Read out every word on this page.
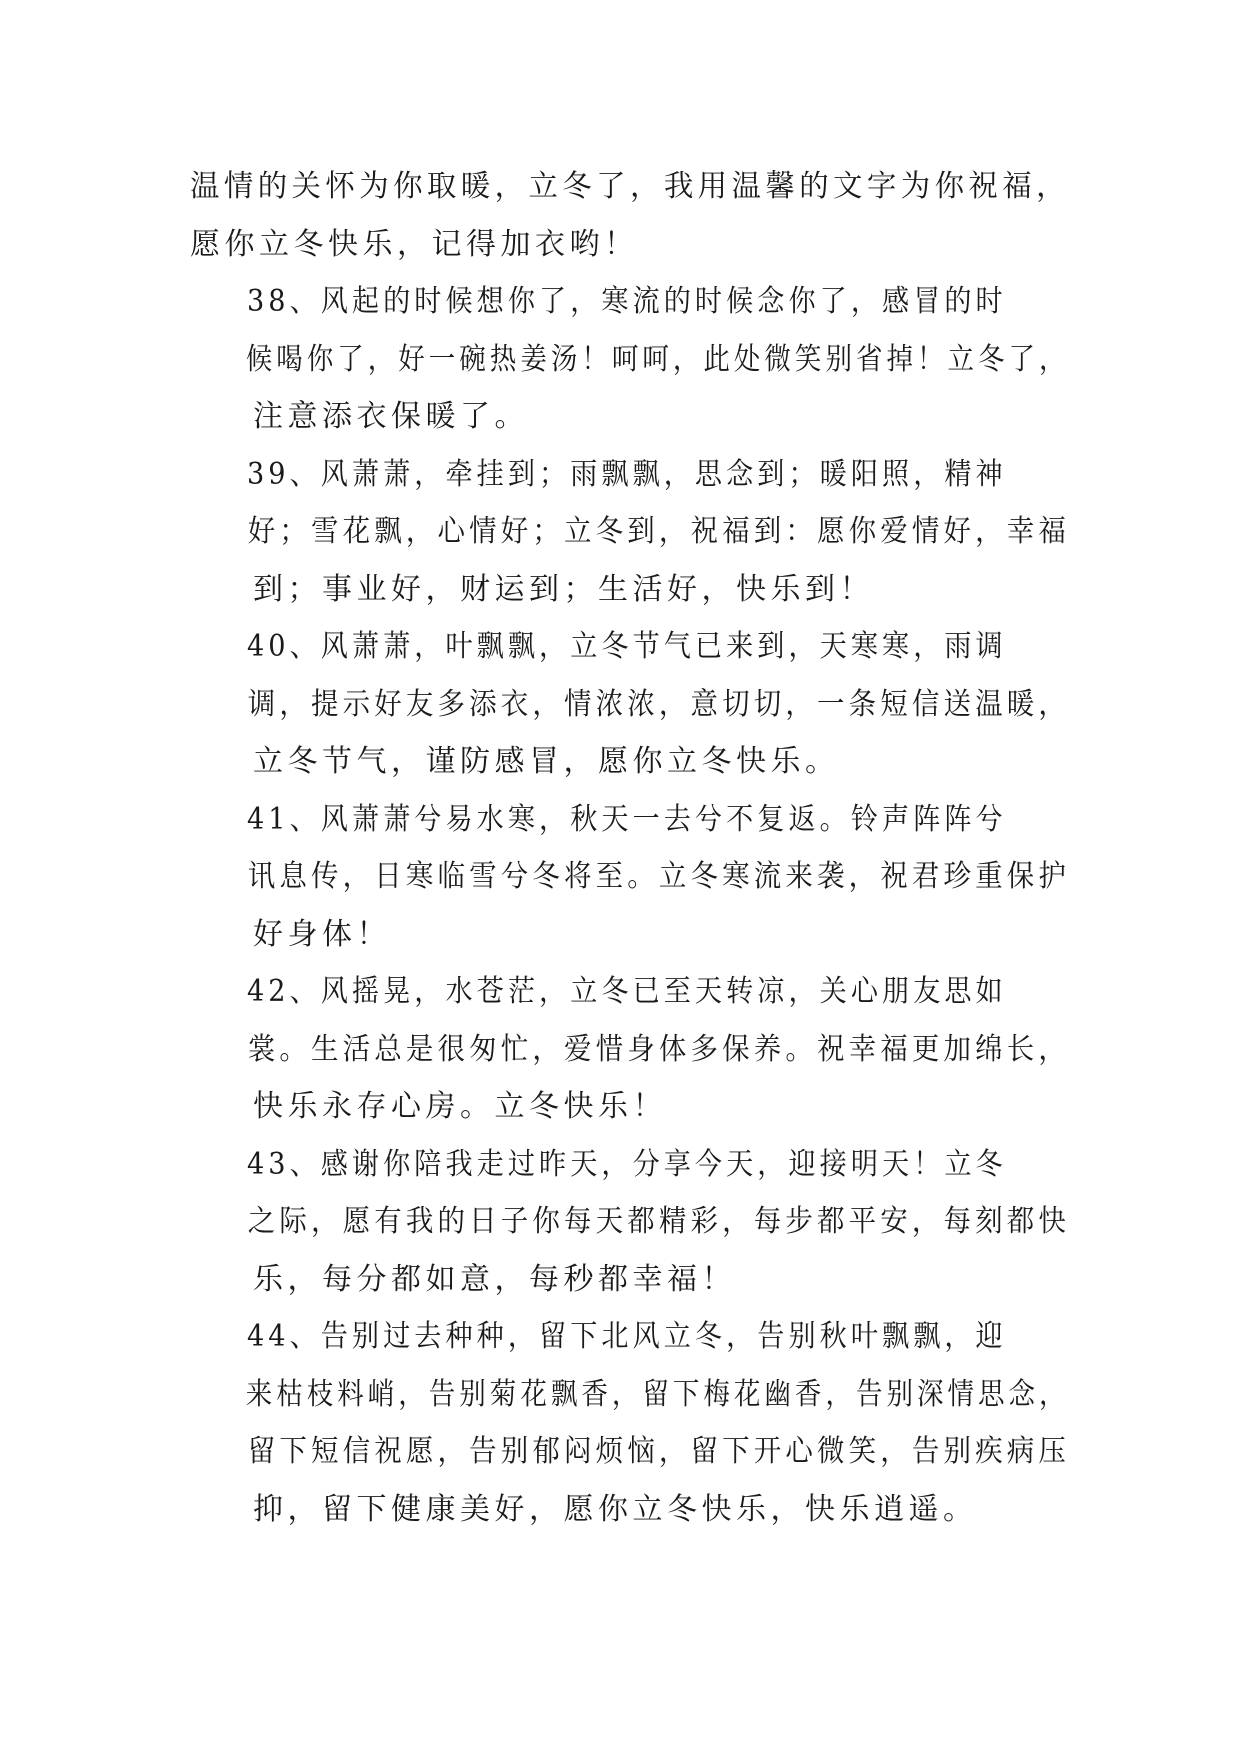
温情的关怀为你取暖，立冬了，我用温馨的文字为你祝福，
愿你立冬快乐，记得加衣哟！

38、风起的时候想你了，寒流的时候念你了，感冒的时
候喝你了，好一碗热姜汤！呵呵，此处微笑别省掉！立冬了，
注意添衣保暖了。

39、风萧萧，牵挂到；雨飘飘，思念到；暖阳照，精神
好；雪花飘，心情好；立冬到，祝福到：愿你爱情好，幸福
到；事业好，财运到；生活好，快乐到！

40、风萧萧，叶飘飘，立冬节气已来到，天寒寒，雨调
调，提示好友多添衣，情浓浓，意切切，一条短信送温暖，
立冬节气，谨防感冒，愿你立冬快乐。

41、风萧萧兮易水寒，秋天一去兮不复返。铃声阵阵兮
讯息传，日寒临雪兮冬将至。立冬寒流来袭，祝君珍重保护
好身体！

42、风摇晃，水苍茫，立冬已至天转凉，关心朋友思如
裳。生活总是很匆忙，爱惜身体多保养。祝幸福更加绵长，
快乐永存心房。立冬快乐！

43、感谢你陪我走过昨天，分享今天，迎接明天！立冬
之际，愿有我的日子你每天都精彩，每步都平安，每刻都快
乐，每分都如意，每秒都幸福！

44、告别过去种种，留下北风立冬，告别秋叶飘飘，迎
来枯枝料峭，告别菊花飘香，留下梅花幽香，告别深情思念，
留下短信祝愿，告别郁闷烦恼，留下开心微笑，告别疾病压
抑，留下健康美好，愿你立冬快乐，快乐逍遥。
